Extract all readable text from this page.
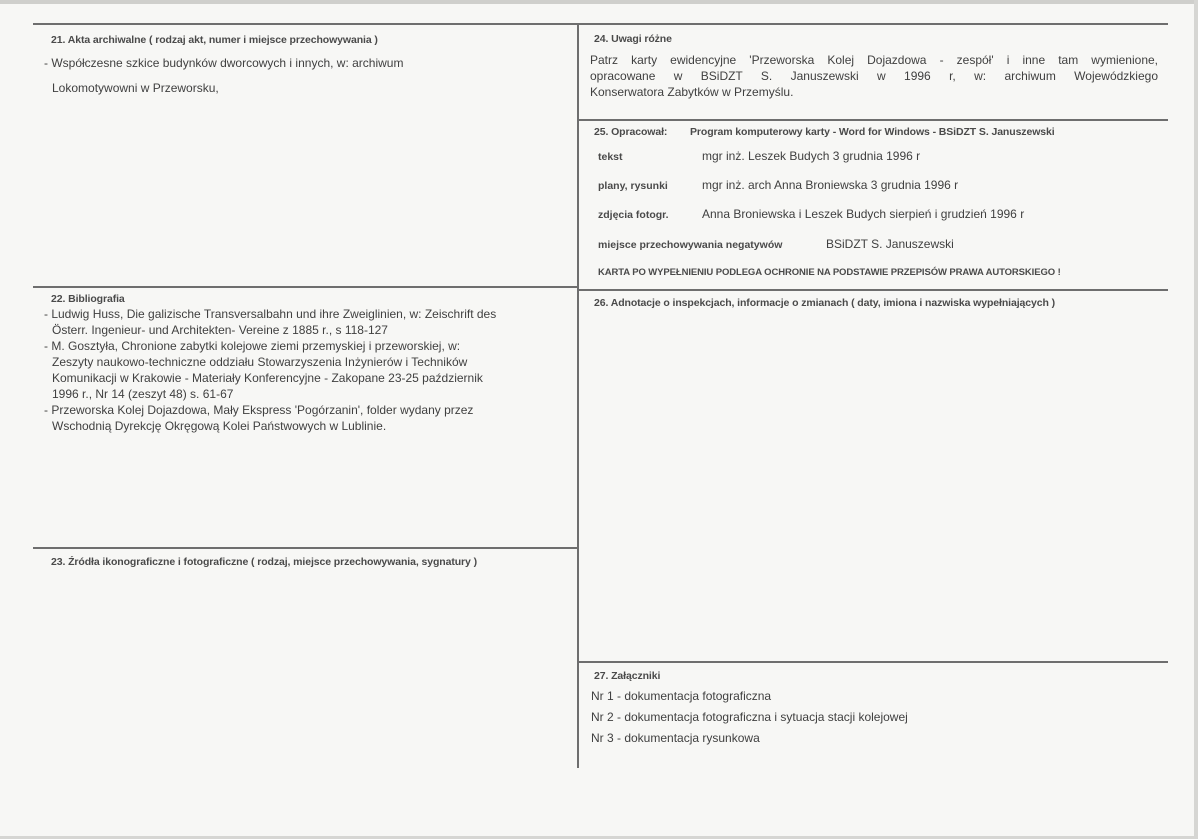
21. Akta archiwalne ( rodzaj akt, numer i miejsce przechowywania )
- Współczesne szkice budynków dworcowych i innych, w: archiwum
Lokomotywowni w Przeworsku,
22. Bibliografia
- Ludwig Huss, Die galizische Transversalbahn und ihre Zweiglinien, w: Zeischrift des
Österr. Ingenieur- und Architekten- Vereine z 1885 r., s 118-127
- M. Gosztyła, Chronione zabytki kolejowe ziemi przemyskiej i przeworskiej, w:
Zeszyty naukowo-techniczne oddziału Stowarzyszenia Inżynierów i Techników
Komunikacji w Krakowie - Materiały Konferencyjne - Zakopane 23-25 październik
1996 r., Nr 14 (zeszyt 48) s. 61-67
- Przeworska Kolej Dojazdowa, Mały Ekspress 'Pogórzanin', folder wydany przez
Wschodnią Dyrekcję Okręgową Kolei Państwowych w Lublinie.
23. Źródła ikonograficzne i fotograficzne ( rodzaj, miejsce przechowywania, sygnatury )
24. Uwagi różne
Patrz karty ewidencyjne 'Przeworska Kolej Dojazdowa - zespół' i inne tam wymienione,
opracowane w BSiDZT S. Januszewski w 1996 r, w: archiwum Wojewódzkiego
Konserwatora Zabytków w Przemyślu.
25. Opracował: Program komputerowy karty - Word for Windows - BSiDZT S. Januszewski
tekst	mgr inż. Leszek Budych 3 grudnia 1996 r
plany, rysunki	mgr inż. arch Anna Broniewska 3 grudnia 1996 r
zdjęcia fotogr.	Anna Broniewska i Leszek Budych sierpień i grudzień 1996 r
miejsce przechowywania negatywów	BSiDZT S. Januszewski
KARTA PO WYPEŁNIENIU PODLEGA OCHRONIE NA PODSTAWIE PRZEPISÓW PRAWA AUTORSKIEGO !
26. Adnotacje o inspekcjach, informacje o zmianach ( daty, imiona i nazwiska wypełniających )
27. Załączniki
Nr 1 - dokumentacja fotograficzna
Nr 2 - dokumentacja fotograficzna i sytuacja stacji kolejowej
Nr 3 - dokumentacja rysunkowa
